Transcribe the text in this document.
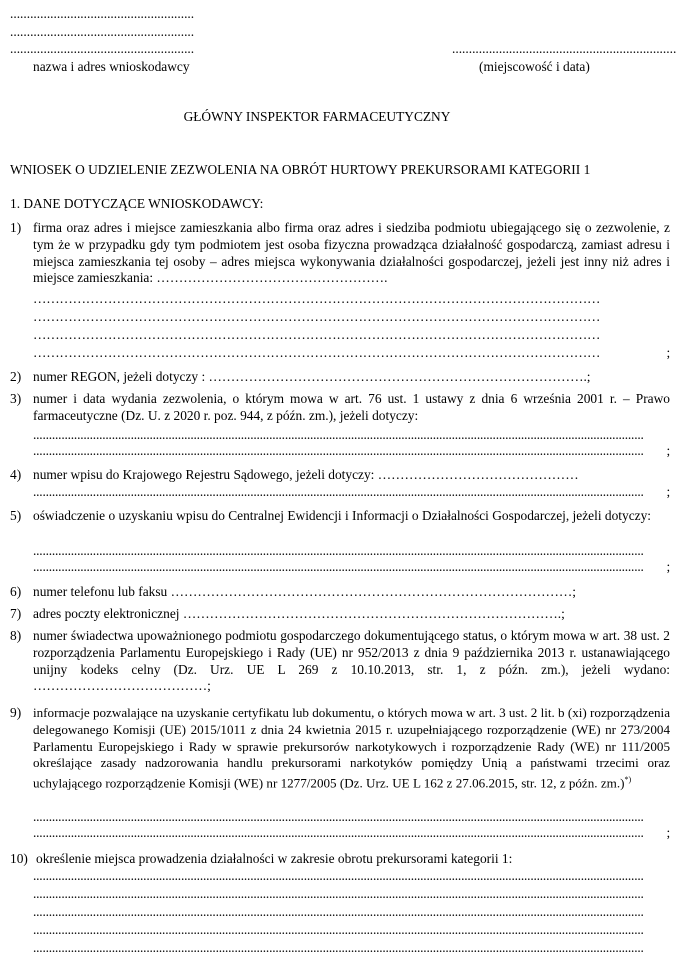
.......................................................
.......................................................
.......................................................	...................................................................
nazwa i adres wnioskodawcy	(miejscowość i data)
GŁÓWNY INSPEKTOR FARMACEUTYCZNY
WNIOSEK O UDZIELENIE ZEZWOLENIA NA OBRÓT HURTOWY PREKURSORAMI KATEGORII 1
1. DANE DOTYCZĄCE WNIOSKODAWCY:
1) firma oraz adres i miejsce zamieszkania albo firma oraz adres i siedziba podmiotu ubiegającego się o zezwolenie, z tym że w przypadku gdy tym podmiotem jest osoba fizyczna prowadząca działalność gospodarczą, zamiast adresu i miejsca zamieszkania tej osoby – adres miejsca wykonywania działalności gospodarczej, jeżeli jest inny niż adres i miejsce zamieszkania: …………………………………………….
…………………………………………………………………………………………………………………
…………………………………………………………………………………………………………………
…………………………………………………………………………………………………………………
…………………………………………………………………………………………………………………	;
2) numer REGON, jeżeli dotyczy : ………………………………………………………………………….;
3) numer i data wydania zezwolenia, o którym mowa w art. 76 ust. 1 ustawy z dnia 6 września 2001 r. – Prawo farmaceutyczne (Dz. U. z 2020 r. poz. 944, z późn. zm.), jeżeli dotyczy:
..................................................................................................................................................................................................
.................................................................................................................................................................................................. ;
4) numer wpisu do Krajowego Rejestru Sądowego, jeżeli dotyczy: ………………………………………
.................................................................................................................................................................................................. ;
5) oświadczenie o uzyskaniu wpisu do Centralnej Ewidencji i Informacji o Działalności Gospodarczej, jeżeli dotyczy:
..................................................................................................................................................................................................
.................................................................................................................................................................................................. ;
6) numer telefonu lub faksu ………………………………………………………………………………;
7) adres poczty elektronicznej ………………………………………………………………………….;
8) numer świadectwa upoważnionego podmiotu gospodarczego dokumentującego status, o którym mowa w art. 38 ust. 2 rozporządzenia Parlamentu Europejskiego i Rady (UE) nr 952/2013 z dnia 9 października 2013 r. ustanawiającego unijny kodeks celny (Dz. Urz. UE L 269 z 10.10.2013, str. 1, z późn. zm.), jeżeli wydano: …………………………………;
9) informacje pozwalające na uzyskanie certyfikatu lub dokumentu, o których mowa w art. 3 ust. 2 lit. b (xi) rozporządzenia delegowanego Komisji (UE) 2015/1011 z dnia 24 kwietnia 2015 r. uzupełniającego rozporządzenie (WE) nr 273/2004 Parlamentu Europejskiego i Rady w sprawie prekursorów narkotykowych i rozporządzenie Rady (WE) nr 111/2005 określające zasady nadzorowania handlu prekursorami narkotyków pomiędzy Unią a państwami trzecimi oraz uchylającego rozporządzenie Komisji (WE) nr 1277/2005 (Dz. Urz. UE L 162 z 27.06.2015, str. 12, z późn. zm.)*)
..................................................................................................................................................................................................
.................................................................................................................................................................................................. ;
10) określenie miejsca prowadzenia działalności w zakresie obrotu prekursorami kategorii 1:
..................................................................................................................................................................................................
..................................................................................................................................................................................................
..................................................................................................................................................................................................
..................................................................................................................................................................................................
..................................................................................................................................................................................................
